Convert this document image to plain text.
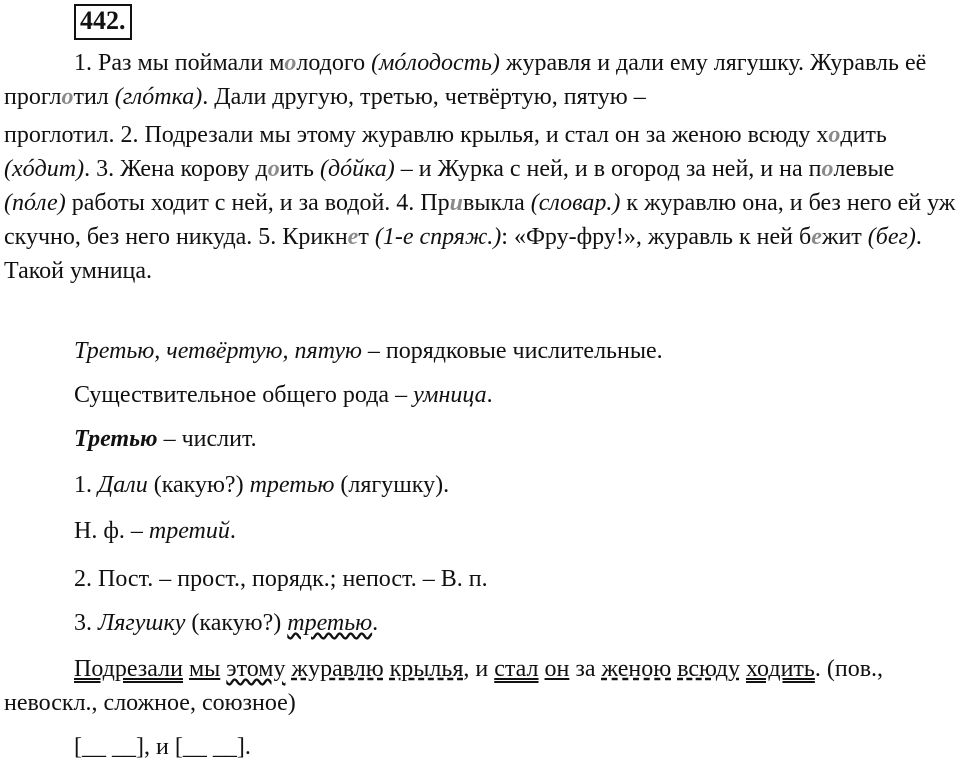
442.

1. Раз мы поймали молодого (мóлодость) журавля и дали ему лягушку. Журавль её проглотил (глóтка). Дали другую, третью, четвёртую, пятую –

проглотил. 2. Подрезали мы этому журавлю крылья, и стал он за женою всюду ходить (хóдит). 3. Жена корову доить (дóйка) – и Журка с ней, и в огород за ней, и на полевые (пóле) работы ходит с ней, и за водой. 4. Привыкла (словар.) к журавлю она, и без него ей уж скучно, без него никуда. 5. Крикнет (1-е спряж.): «Фру-фру!», журавль к ней бежит (бег). Такой умница.

Третью, четвёртую, пятую – порядковые числительные.

Существительное общего рода – умница.

Третью – числит.

1. Дали (какую?) третью (лягушку).

Н. ф. – третий.

2. Пост. – прост., порядк.; непост. – В. п.

3. Лягушку (какую?) третью.

Подрезали мы этому журавлю крылья, и стал он за женою всюду ходить. (пов., невоскл., сложное, союзное)

[__ __], и [__ __].
